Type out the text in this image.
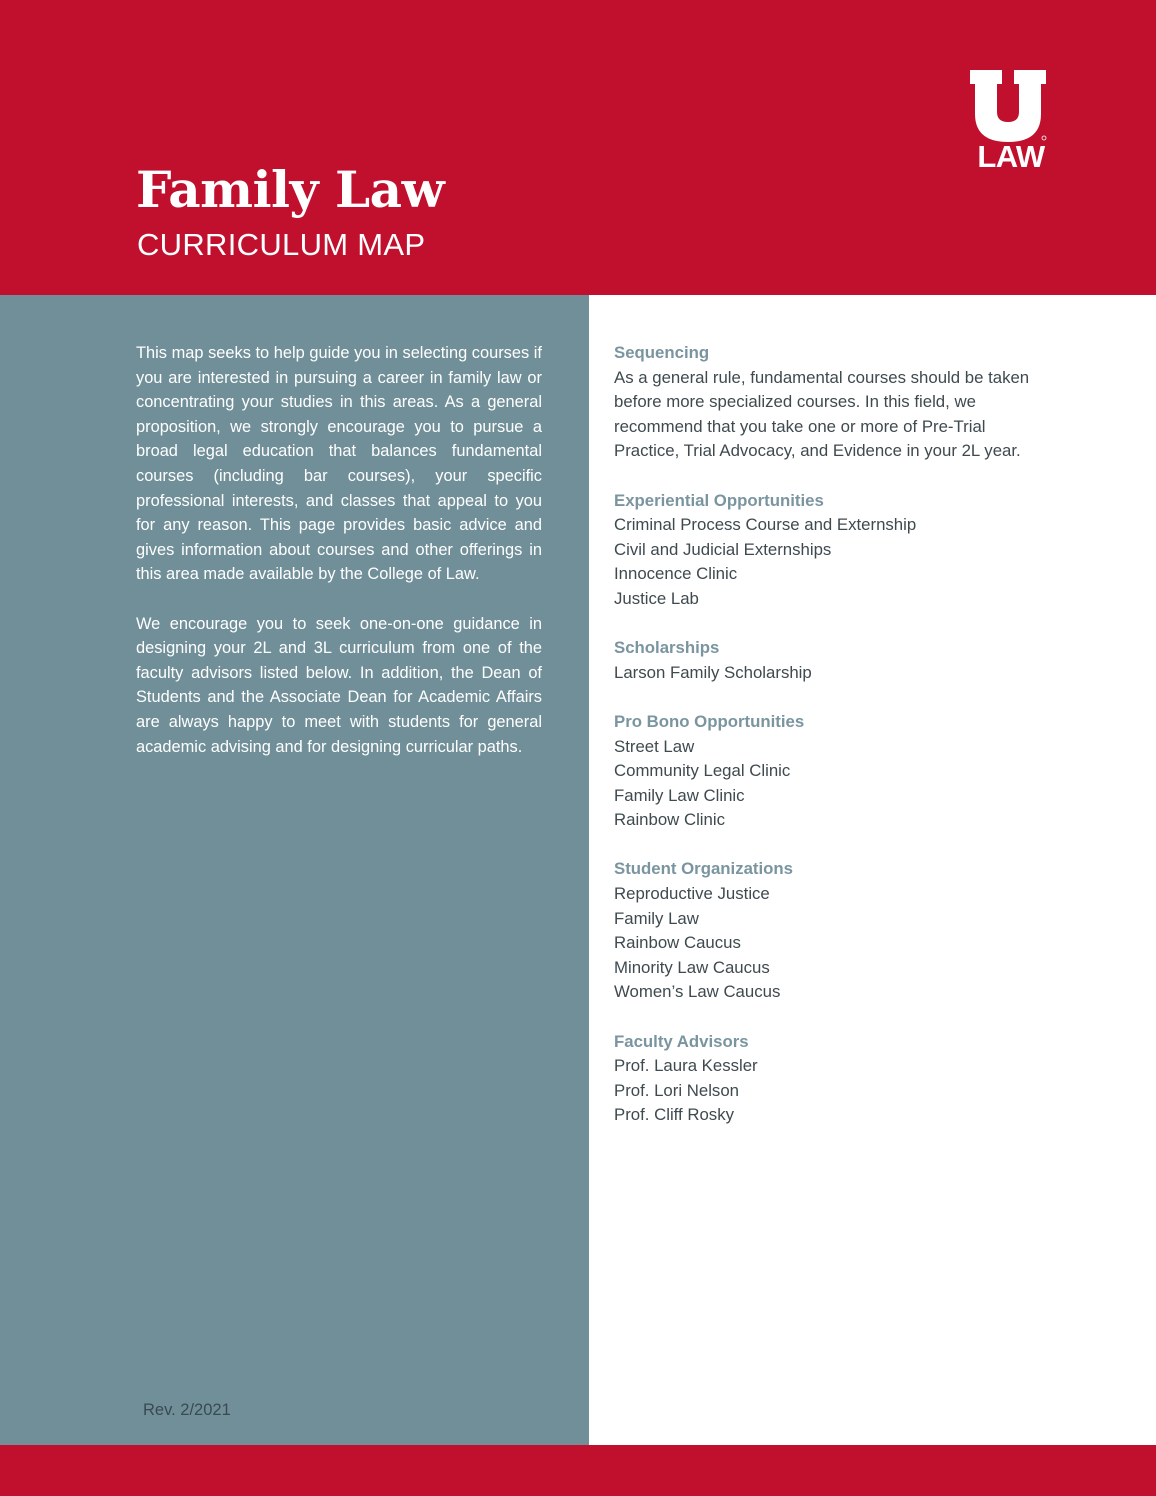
LAW
Family Law
CURRICULUM MAP

This map seeks to help guide you in selecting courses if you are interested in pursuing a career in family law or concentrating your studies in this areas. As a general proposition, we strongly encourage you to pursue a broad legal education that balances fundamental courses (including bar courses), your specific professional interests, and classes that appeal to you for any reason. This page provides basic advice and gives information about courses and other offerings in this area made available by the College of Law.

We encourage you to seek one-on-one guidance in designing your 2L and 3L curriculum from one of the faculty advisors listed below. In addition, the Dean of Students and the Associate Dean for Academic Affairs are always happy to meet with students for general academic advising and for designing curricular paths.

Rev. 2/2021
Sequencing

As a general rule, fundamental courses should be taken before more specialized courses. In this field, we recommend that you take one or more of Pre-Trial Practice, Trial Advocacy, and Evidence in your 2L year.

Experiential Opportunities
Criminal Process Course and Externship
Civil and Judicial Externships
Innocence Clinic
Justice Lab
Scholarships
Larson Family Scholarship
Pro Bono Opportunities
Street Law
Community Legal Clinic
Family Law Clinic
Rainbow Clinic
Student Organizations
Reproductive Justice
Family Law
Rainbow Caucus
Minority Law Caucus
Women’s Law Caucus
Faculty Advisors
Prof. Laura Kessler
Prof. Lori Nelson
Prof. Cliff Rosky
